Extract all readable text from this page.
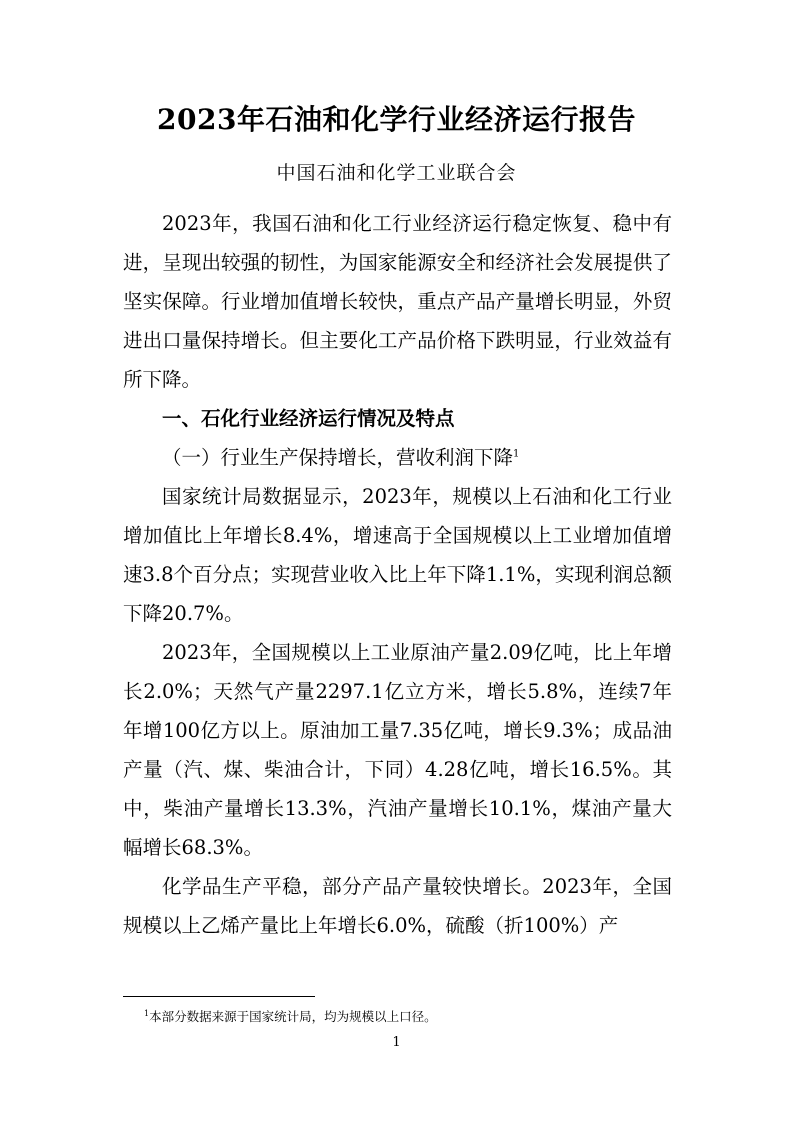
2023年石油和化学行业经济运行报告
中国石油和化学工业联合会

2023年，我国石油和化工行业经济运行稳定恢复、稳中有进，呈现出较强的韧性，为国家能源安全和经济社会发展提供了坚实保障。行业增加值增长较快，重点产品产量增长明显，外贸进出口量保持增长。但主要化工产品价格下跌明显，行业效益有所下降。

一、石化行业经济运行情况及特点
（一）行业生产保持增长，营收利润下降$^1$

国家统计局数据显示，2023年，规模以上石油和化工行业增加值比上年增长8.4%，增速高于全国规模以上工业增加值增速3.8个百分点；实现营业收入比上年下降1.1%，实现利润总额下降20.7%。

2023年，全国规模以上工业原油产量2.09亿吨，比上年增长2.0%；天然气产量2297.1亿立方米，增长5.8%，连续7年年增100亿方以上。原油加工量7.35亿吨，增长9.3%；成品油产量（汽、煤、柴油合计，下同）4.28亿吨，增长16.5%。其中，柴油产量增长13.3%，汽油产量增长10.1%，煤油产量大幅增长68.3%。

化学品生产平稳，部分产品产量较快增长。2023年，全国规模以上乙烯产量比上年增长6.0%，硫酸（折100%）产

$^1$本部分数据来源于国家统计局，均为规模以上口径。
1
